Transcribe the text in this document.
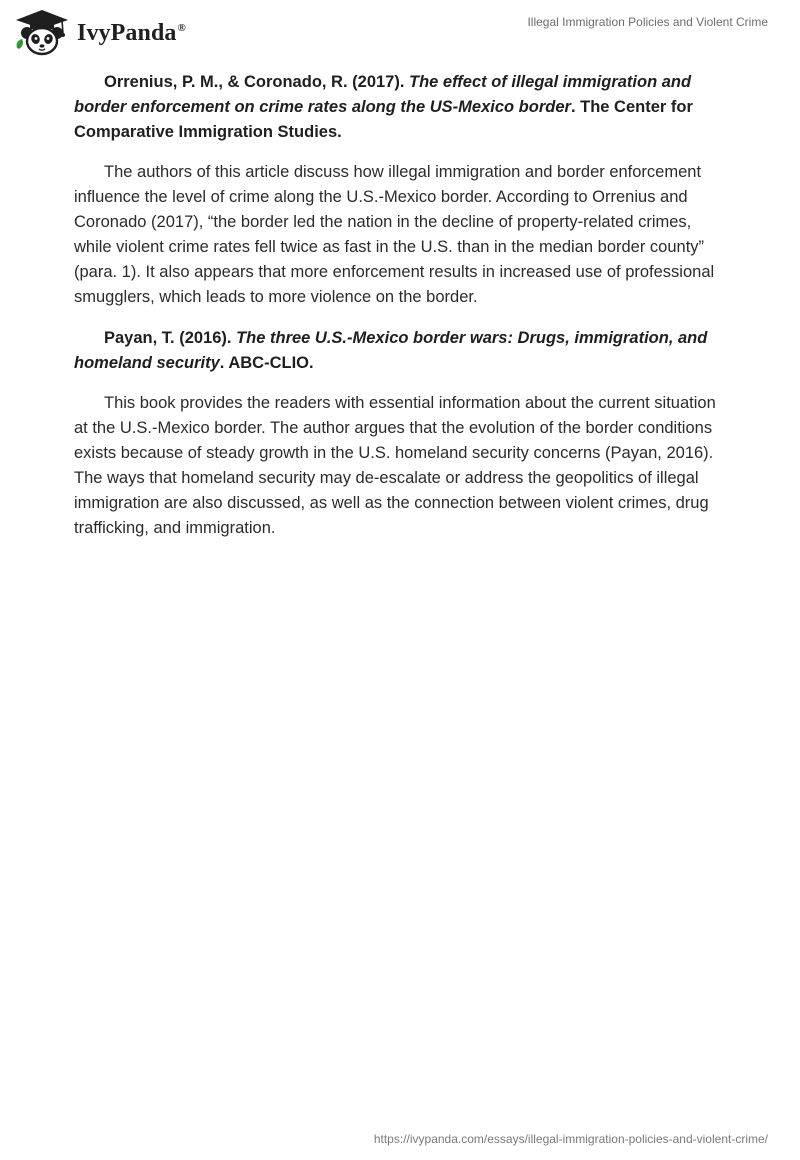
IvyPanda®	Illegal Immigration Policies and Violent Crime

Orrenius, P. M., & Coronado, R. (2017). The effect of illegal immigration and border enforcement on crime rates along the US-Mexico border. The Center for Comparative Immigration Studies.

The authors of this article discuss how illegal immigration and border enforcement influence the level of crime along the U.S.-Mexico border. According to Orrenius and Coronado (2017), “the border led the nation in the decline of property-related crimes, while violent crime rates fell twice as fast in the U.S. than in the median border county” (para. 1). It also appears that more enforcement results in increased use of professional smugglers, which leads to more violence on the border.

Payan, T. (2016). The three U.S.-Mexico border wars: Drugs, immigration, and homeland security. ABC-CLIO.

This book provides the readers with essential information about the current situation at the U.S.-Mexico border. The author argues that the evolution of the border conditions exists because of steady growth in the U.S. homeland security concerns (Payan, 2016). The ways that homeland security may de-escalate or address the geopolitics of illegal immigration are also discussed, as well as the connection between violent crimes, drug trafficking, and immigration.

https://ivypanda.com/essays/illegal-immigration-policies-and-violent-crime/
